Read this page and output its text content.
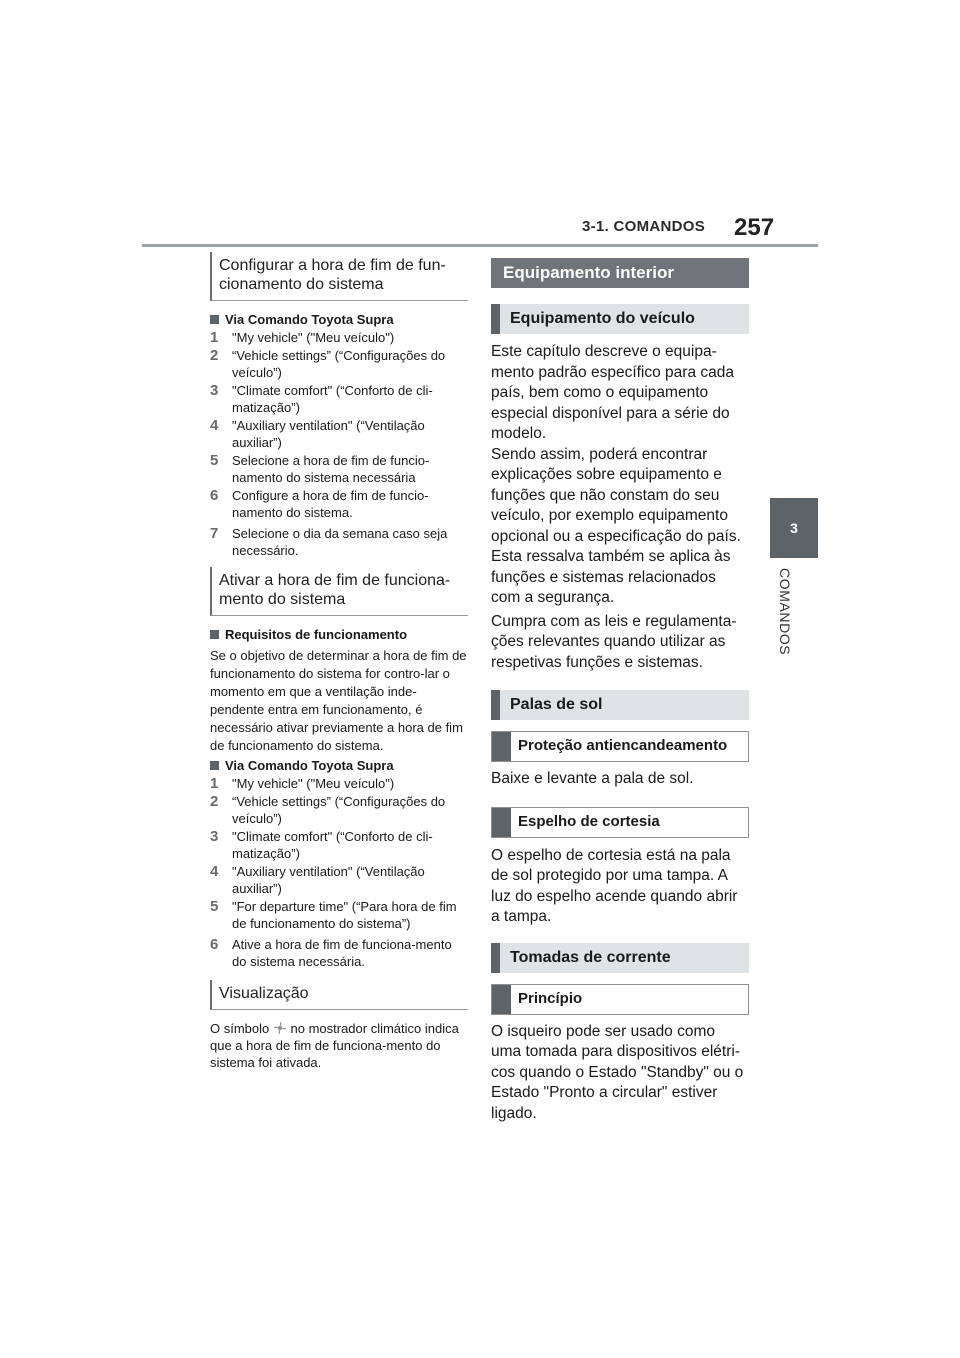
3-1. COMANDOS 257
3
COMANDOS
Configurar a hora de fim de fun-cionamento do sistema
Via Comando Toyota Supra
1	"My vehicle" ("Meu veículo")
2	“Vehicle settings” (“Configurações do veículo”)
3	"Climate comfort" (“Conforto de cli-matização”)
4	"Auxiliary ventilation" (“Ventilação auxiliar”)
5	Selecione a hora de fim de funcio-namento do sistema necessária
6	Configure a hora de fim de funcio-namento do sistema.
7	Selecione o dia da semana caso seja necessário.
Ativar a hora de fim de funciona-mento do sistema
Requisitos de funcionamento
Se o objetivo de determinar a hora de fim de funcionamento do sistema for contro-lar o momento em que a ventilação inde-pendente entra em funcionamento, é necessário ativar previamente a hora de fim de funcionamento do sistema.
Via Comando Toyota Supra
1	"My vehicle" ("Meu veículo")
2	“Vehicle settings” (“Configurações do veículo”)
3	"Climate comfort" (“Conforto de cli-matização”)
4	"Auxiliary ventilation" (“Ventilação auxiliar”)
5	"For departure time" (“Para hora de fim de funcionamento do sistema”)
6	Ative a hora de fim de funciona-mento do sistema necessária.
Visualização
O símbolo no mostrador climático indica que a hora de fim de funciona-mento do sistema foi ativada.
Equipamento interior
Equipamento do veículo
Este capítulo descreve o equipa-mento padrão específico para cada país, bem como o equipamento especial disponível para a série do modelo.
Sendo assim, poderá encontrar explicações sobre equipamento e funções que não constam do seu veículo, por exemplo equipamento opcional ou a especificação do país. Esta ressalva também se aplica às funções e sistemas relacionados com a segurança.
Cumpra com as leis e regulamenta-ções relevantes quando utilizar as respetivas funções e sistemas.
Palas de sol
Proteção antiencandeamento
Baixe e levante a pala de sol.
Espelho de cortesia
O espelho de cortesia está na pala de sol protegido por uma tampa. A luz do espelho acende quando abrir a tampa.
Tomadas de corrente
Princípio
O isqueiro pode ser usado como uma tomada para dispositivos elétri-cos quando o Estado "Standby" ou o Estado "Pronto a circular" estiver ligado.
